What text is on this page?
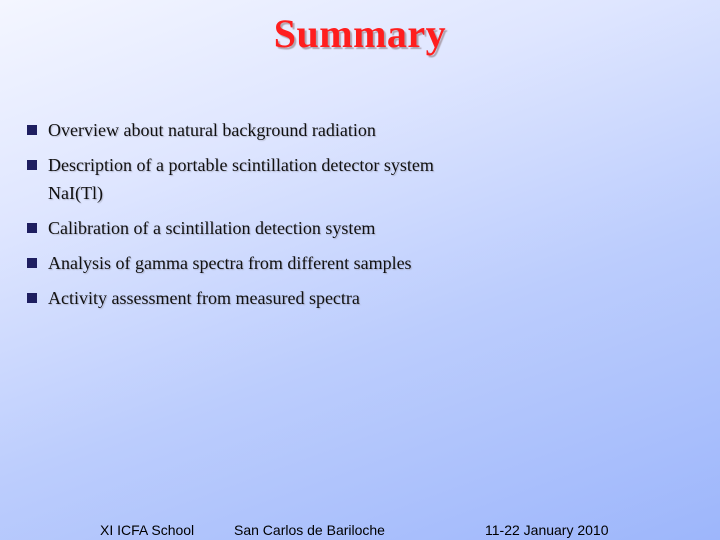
Summary
Overview about natural background radiation
Description of a portable scintillation detector system
NaI(Tl)
Calibration of a scintillation detection system
Analysis of gamma spectra from different samples
Activity assessment from measured spectra
XI ICFA School	San Carlos de Bariloche	11-22 January 2010
